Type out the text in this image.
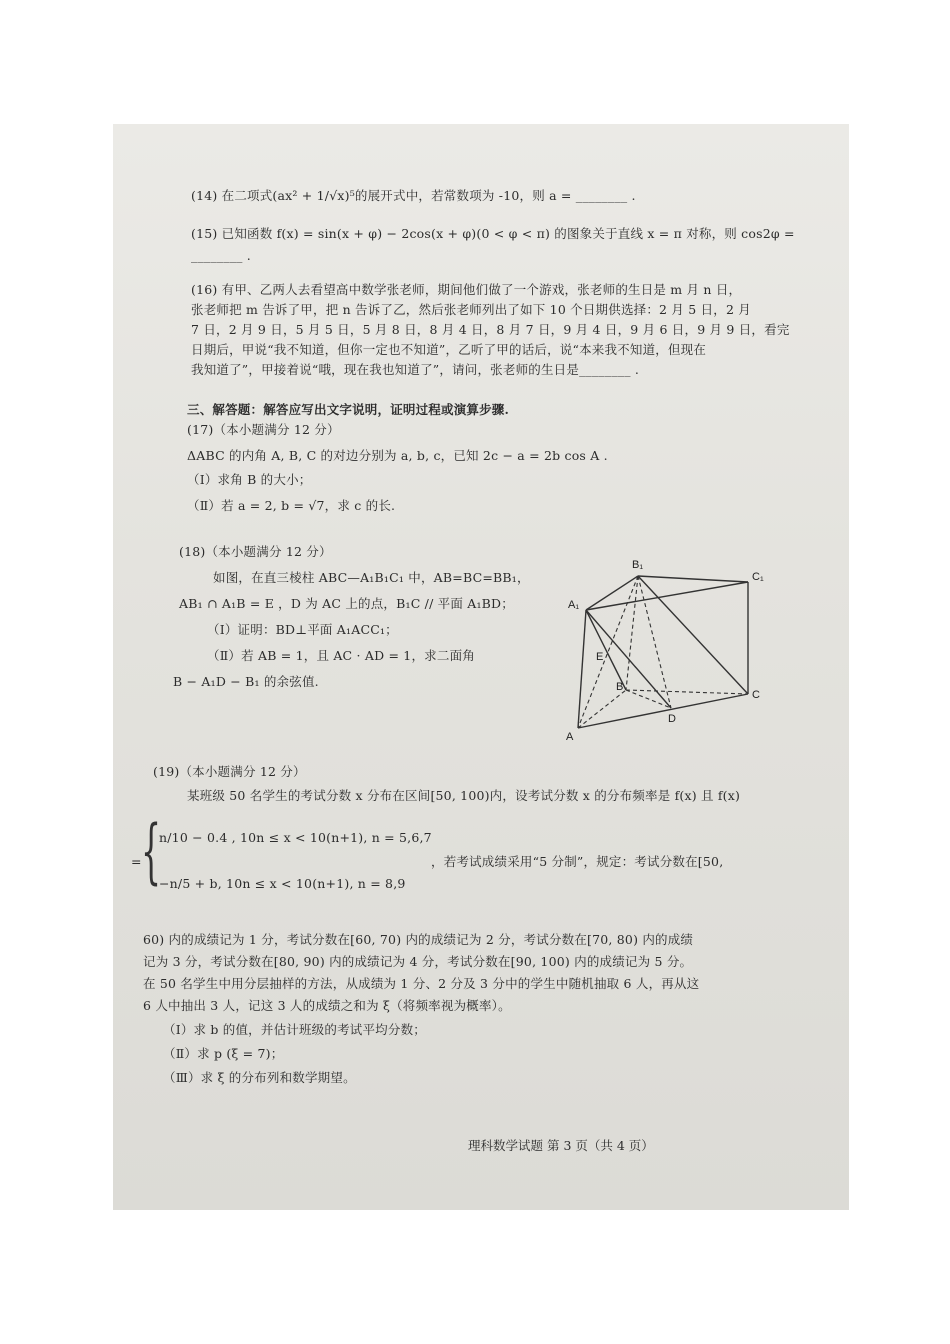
(14) 在二项式(ax² + 1/√x)⁵的展开式中，若常数项为 -10，则 a = ________ .
(15) 已知函数 f(x) = sin(x + φ) − 2cos(x + φ)(0 < φ < π) 的图象关于直线 x = π 对称，则 cos2φ =
________ .
(16) 有甲、乙两人去看望高中数学张老师，期间他们做了一个游戏，张老师的生日是 m 月 n 日，
张老师把 m 告诉了甲，把 n 告诉了乙，然后张老师列出了如下 10 个日期供选择：2 月 5 日，2 月
7 日，2 月 9 日，5 月 5 日，5 月 8 日，8 月 4 日，8 月 7 日，9 月 4 日，9 月 6 日，9 月 9 日，看完
日期后，甲说“我不知道，但你一定也不知道”，乙听了甲的话后，说“本来我不知道，但现在
我知道了”，甲接着说“哦，现在我也知道了”，请问，张老师的生日是________ .
三、解答题：解答应写出文字说明，证明过程或演算步骤.
(17)（本小题满分 12 分）
ΔABC 的内角 A, B, C 的对边分别为 a, b, c，已知 2c − a = 2b cos A .
（Ⅰ）求角 B 的大小；
（Ⅱ）若 a = 2, b = √7，求 c 的长.
(18)（本小题满分 12 分）
如图，在直三棱柱 ABC—A₁B₁C₁ 中，AB=BC=BB₁，
AB₁ ∩ A₁B = E ，D 为 AC 上的点，B₁C // 平面 A₁BD；
（Ⅰ）证明：BD⊥平面 A₁ACC₁；
（Ⅱ）若 AB = 1，且 AC · AD = 1，求二面角
B − A₁D − B₁ 的余弦值.
B₁
C₁
A₁
E
B
C
D
A
(19)（本小题满分 12 分）
某班级 50 名学生的考试分数 x 分布在区间[50, 100)内，设考试分数 x 的分布频率是 f(x) 且 f(x)
= {
n/10 − 0.4 , 10n ≤ x < 10(n+1), n = 5,6,7
−n/5 + b, 10n ≤ x < 10(n+1), n = 8,9
，若考试成绩采用“5 分制”，规定：考试分数在[50,
60) 内的成绩记为 1 分，考试分数在[60, 70) 内的成绩记为 2 分，考试分数在[70, 80) 内的成绩
记为 3 分，考试分数在[80, 90) 内的成绩记为 4 分，考试分数在[90, 100) 内的成绩记为 5 分。
在 50 名学生中用分层抽样的方法，从成绩为 1 分、2 分及 3 分中的学生中随机抽取 6 人，再从这
6 人中抽出 3 人，记这 3 人的成绩之和为 ξ（将频率视为概率）。
（Ⅰ）求 b 的值，并估计班级的考试平均分数；
（Ⅱ）求 p (ξ = 7)；
（Ⅲ）求 ξ 的分布列和数学期望。
理科数学试题 第 3 页（共 4 页）
